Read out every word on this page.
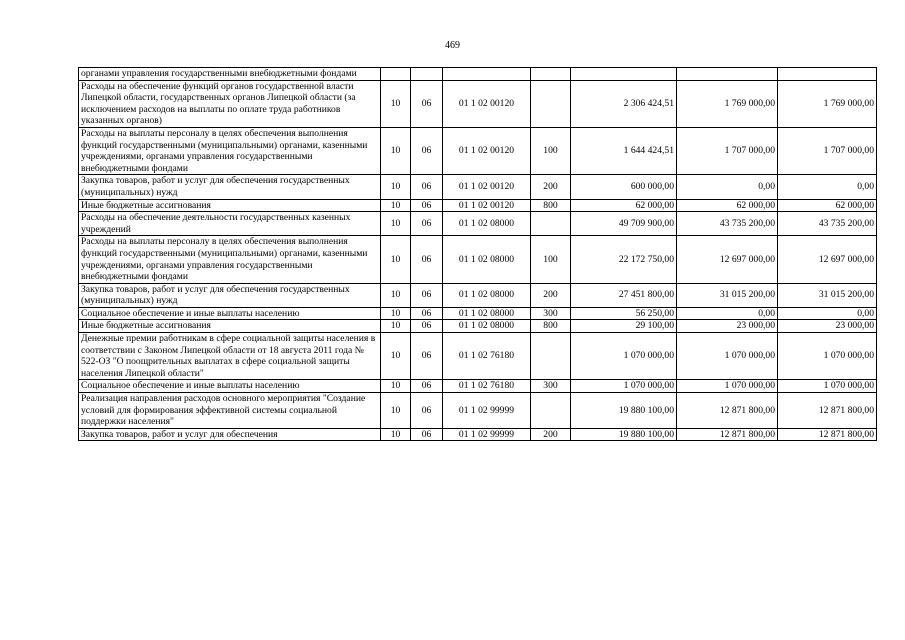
469
органами управления государственными внебюджетными фондами							
Расходы на обеспечение функций органов государственной власти Липецкой области, государственных органов Липецкой области (за исключением расходов на выплаты по оплате труда работников указанных органов)	10	06	01 1 02 00120		2 306 424,51	1 769 000,00	1 769 000,00
Расходы на выплаты персоналу в целях обеспечения выполнения функций государственными (муниципальными) органами, казенными учреждениями, органами управления государственными внебюджетными фондами	10	06	01 1 02 00120	100	1 644 424,51	1 707 000,00	1 707 000,00
Закупка товаров, работ и услуг для обеспечения государственных (муниципальных) нужд	10	06	01 1 02 00120	200	600 000,00	0,00	0,00
Иные бюджетные ассигнования	10	06	01 1 02 00120	800	62 000,00	62 000,00	62 000,00
Расходы на обеспечение деятельности государственных казенных учреждений	10	06	01 1 02 08000		49 709 900,00	43 735 200,00	43 735 200,00
Расходы на выплаты персоналу в целях обеспечения выполнения функций государственными (муниципальными) органами, казенными учреждениями, органами управления государственными внебюджетными фондами	10	06	01 1 02 08000	100	22 172 750,00	12 697 000,00	12 697 000,00
Закупка товаров, работ и услуг для обеспечения государственных (муниципальных) нужд	10	06	01 1 02 08000	200	27 451 800,00	31 015 200,00	31 015 200,00
Социальное обеспечение и иные выплаты населению	10	06	01 1 02 08000	300	56 250,00	0,00	0,00
Иные бюджетные ассигнования	10	06	01 1 02 08000	800	29 100,00	23 000,00	23 000,00
Денежные премии работникам в сфере социальной защиты населения в соответствии с Законом Липецкой области от 18 августа 2011 года № 522-ОЗ "О поощрительных выплатах в сфере социальной защиты населения Липецкой области"	10	06	01 1 02 76180		1 070 000,00	1 070 000,00	1 070 000,00
Социальное обеспечение и иные выплаты населению	10	06	01 1 02 76180	300	1 070 000,00	1 070 000,00	1 070 000,00
Реализация направления расходов основного мероприятия "Создание условий для формирования эффективной системы социальной поддержки населения"	10	06	01 1 02 99999		19 880 100,00	12 871 800,00	12 871 800,00
Закупка товаров, работ и услуг для обеспечения	10	06	01 1 02 99999	200	19 880 100,00	12 871 800,00	12 871 800,00
